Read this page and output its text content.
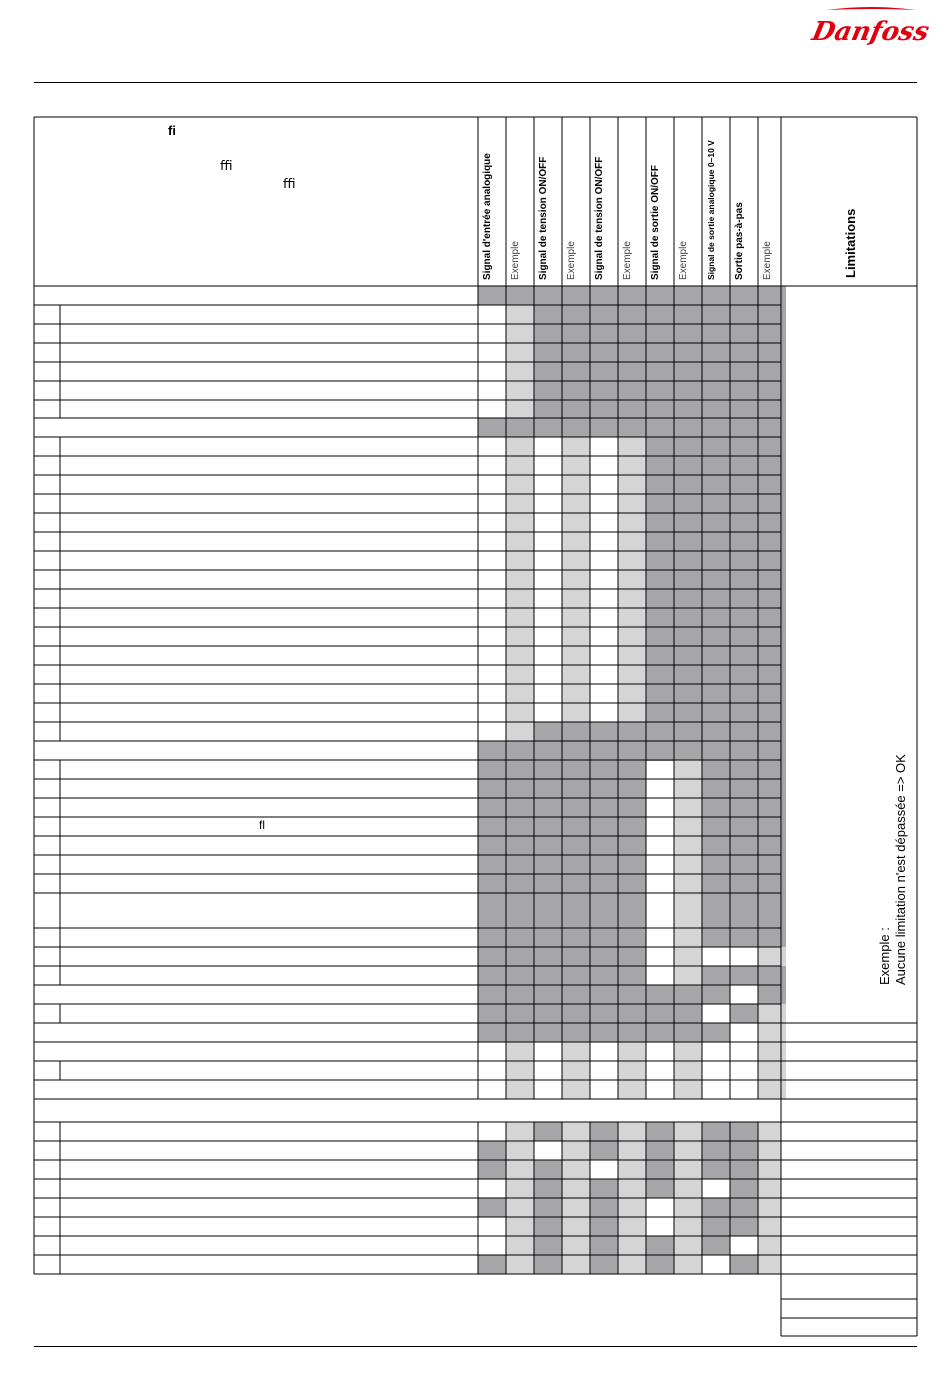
Danfoss
ﬁ
ﬃ
ﬃ
ﬂ
Signal d'entrée analogique Exemple Signal de tension ON/OFF Exemple Signal de tension ON/OFF Exemple Signal de sortie ON/OFF Exemple Signal de sortie analogique 0–10 V Sortie pas-à-pas Exemple	Limitations
Exemple : Aucune limitation n'est dépassée => OK
